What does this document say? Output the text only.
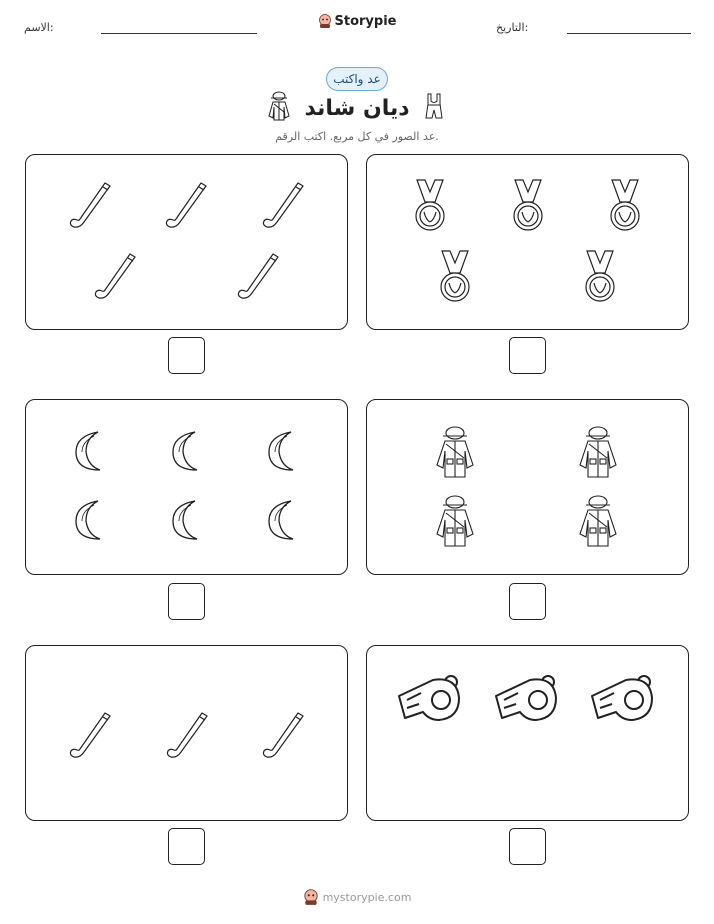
الاسم:	Storypie	التاريخ:
عد واكتب
ديان شاند
عد الصور في كل مربع. اكتب الرقم.
mystorypie.com
